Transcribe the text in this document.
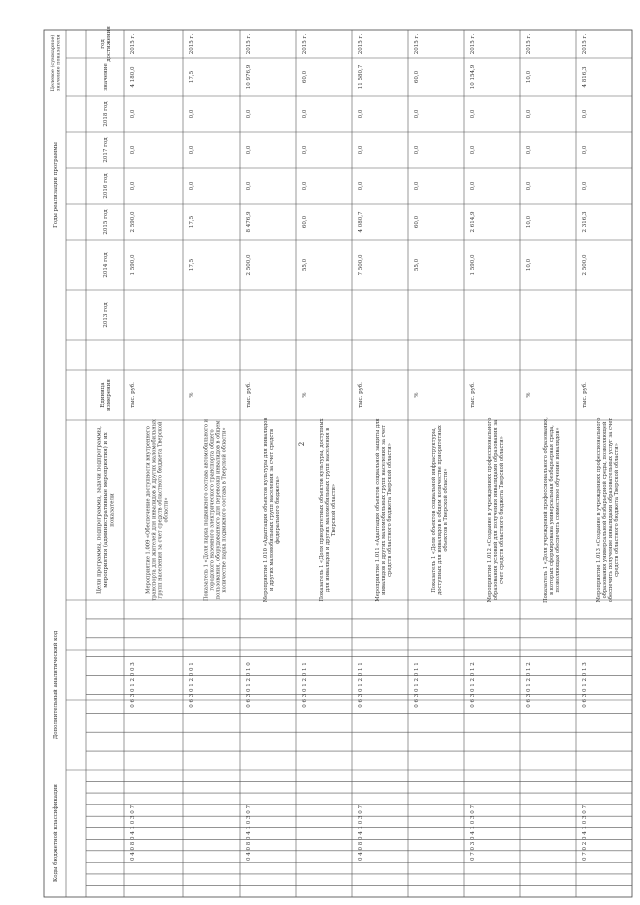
2
Коды бюджетной классификации
Дополнительный аналитический код
Цели программы, подпрограммы, задачи подпрограммы,мероприятия (административные мероприятия) и ихпоказатели
Единицаизмерения
Годы реализации программы
Целевое (суммарное)значение показателя
2013 год
2014 год
2015 год
2016 год
2017 год
2018 год
значение
годдостижения
0 4 0 8 0 4 1 0 3 0 7
0 6 3 0 1 2 0 0 3
Мероприятие 1.009 «Обеспечение доступности внутреннеготранспорта для жителей для инвалидов и других маломобильныхгрупп населения за счет средств областного бюджета Тверскойобласти»
тыс. руб.
1 590,0
2 590,0
0,0
0,0
0,0
4 180,0
2015 г.
0 6 3 0 1 2 0 0 1
Показатель 1 «Доля парка подвижного состава автомобильного игородского наземного электрического транспорта общегопользования, оборудованного для перевозки инвалидов в общемколичестве парка подвижного состава в Тверской области»
%
17,5
17,5
0,0
0,0
0,0
17,5
2015 г.
0 4 0 8 0 4 1 0 3 0 7
0 6 3 0 1 2 0 1 0
Мероприятие 1.010 «Адаптация объектов культуры для инвалидови других маломобильных групп населения за счет средствфедерального бюджета»
тыс. руб.
2 500,0
8 476,9
0,0
0,0
0,0
10 976,9
2015 г.
0 6 3 0 1 2 0 1 1
Показатель 1 «Доля приоритетных объектов культуры, доступныхдля инвалидов и других маломобильных групп населения вТверской области»
%
55,0
60,0
0,0
0,0
0,0
60,0
2015 г.
0 4 0 8 0 4 1 0 3 0 7
0 6 3 0 1 2 0 1 1
Мероприятие 1.011 «Адаптация объектов социальной защиты дляинвалидов и других маломобильных групп населения за счетсредств областного бюджета Тверской области»
тыс. руб.
7 500,0
4 080,7
0,0
0,0
0,0
11 580,7
2015 г.
0 6 3 0 1 2 0 1 1
Показатель 1 «Доля объектов социальной инфраструктуры,доступных для инвалидов в общем количестве приоритетныхобъектов в Тверской области»
%
55,0
60,0
0,0
0,0
0,0
60,0
2015 г.
0 7 0 3 0 4 1 0 3 0 7
0 6 3 0 1 2 0 1 2
Мероприятие 1.012 «Создание в учреждениях профессиональногообразования условий для получения инвалидами образования засчет средств областного бюджета Тверской области»
тыс. руб.
1 590,0
2 614,9
0,0
0,0
0,0
10 154,9
2015 г.
0 6 3 0 1 2 0 1 2
Показатель 1 «Доля учреждений профессионального образования,в которых сформирована универсальная безбарьерная среда,позволяющая обеспечить совместное обучение инвалидов»
%
10,0
10,0
0,0
0,0
0,0
10,0
2015 г.
0 7 0 2 0 4 1 0 3 0 7
0 6 3 0 1 2 0 1 3
Мероприятие 1.013 «Создание в учреждениях профессиональногообразования универсальной безбарьерной среды, позволяющейобеспечить получение инвалидами образовательных услуг за счетсредств областного бюджета Тверской области»
тыс. руб.
2 500,0
2 316,3
0,0
0,0
0,0
4 816,3
2015 г.
